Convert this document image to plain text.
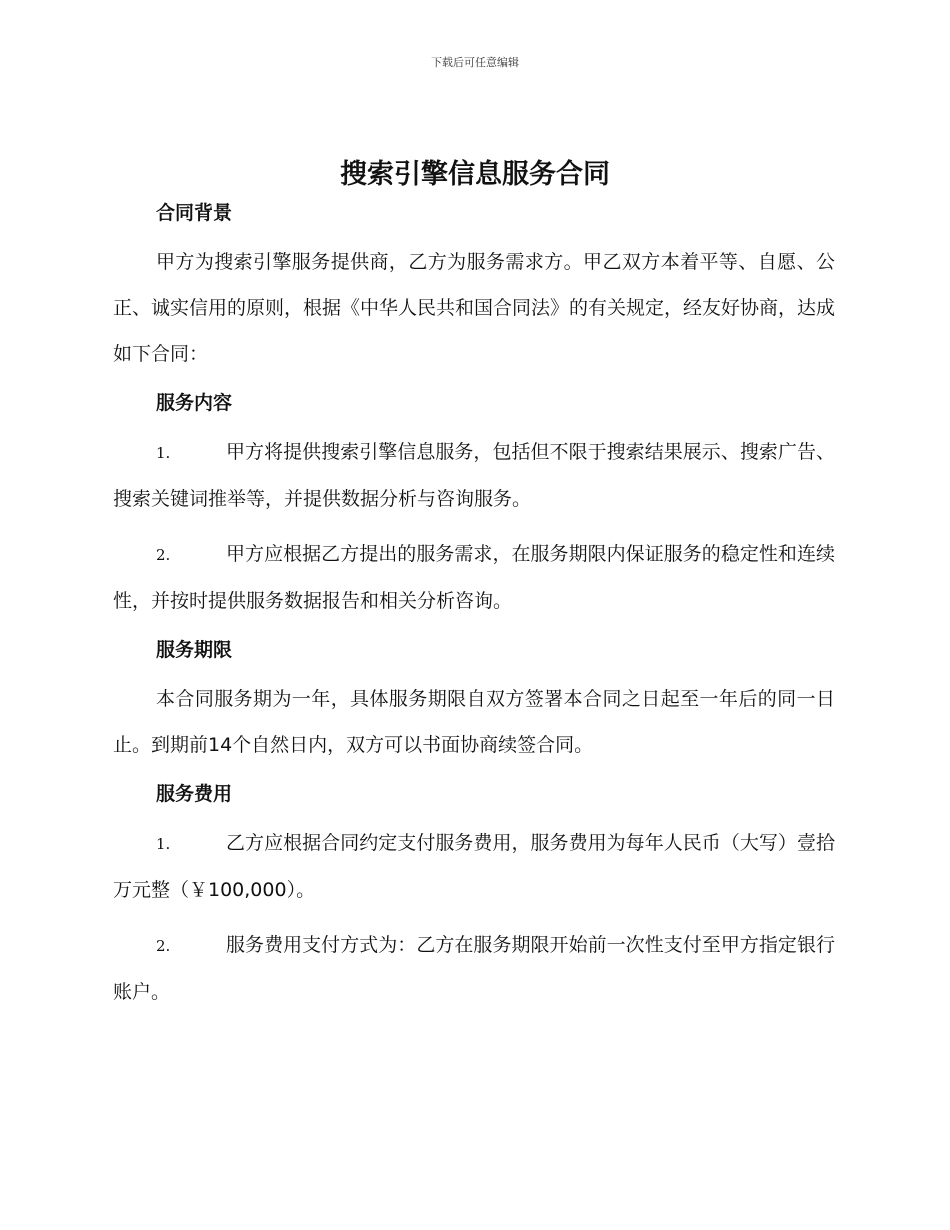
下载后可任意编辑
搜索引擎信息服务合同

合同背景

甲方为搜索引擎服务提供商，乙方为服务需求方。甲乙双方本着平等、自愿、公正、诚实信用的原则，根据《中华人民共和国合同法》的有关规定，经友好协商，达成如下合同：

服务内容

1.	甲方将提供搜索引擎信息服务，包括但不限于搜索结果展示、搜索广告、搜索关键词推举等，并提供数据分析与咨询服务。

2.	甲方应根据乙方提出的服务需求，在服务期限内保证服务的稳定性和连续性，并按时提供服务数据报告和相关分析咨询。

服务期限

本合同服务期为一年，具体服务期限自双方签署本合同之日起至一年后的同一日止。到期前14个自然日内，双方可以书面协商续签合同。

服务费用

1.	乙方应根据合同约定支付服务费用，服务费用为每年人民币（大写）壹拾万元整（￥100,000）。

2.	服务费用支付方式为：乙方在服务期限开始前一次性支付至甲方指定银行账户。
